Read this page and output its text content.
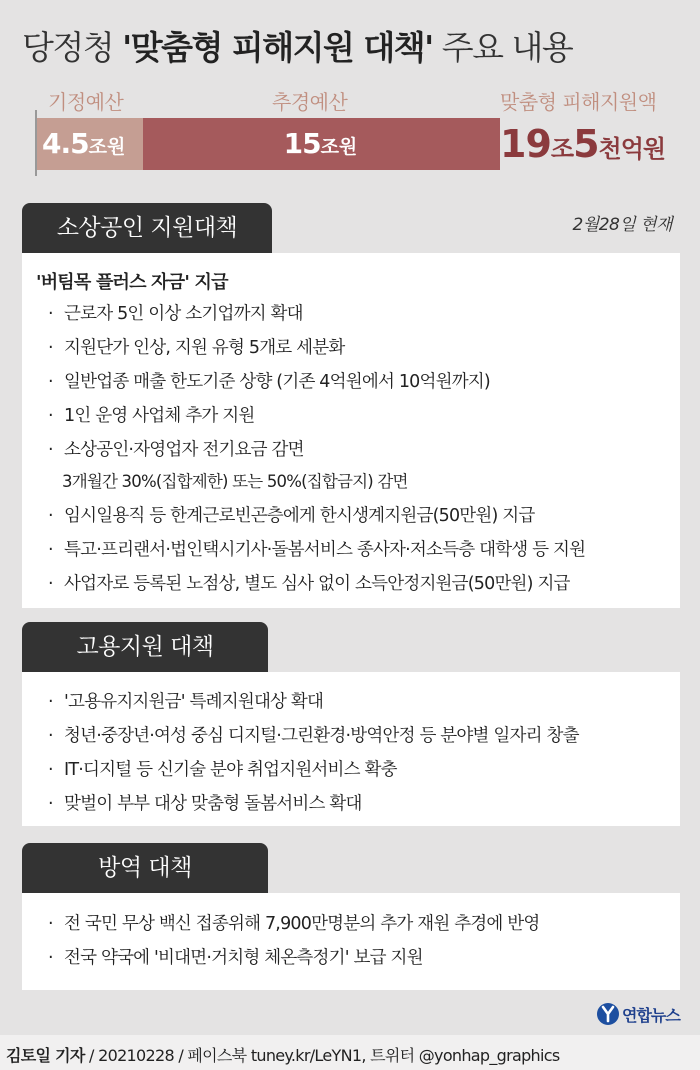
당정청 '맞춤형 피해지원 대책' 주요 내용
기정예산	추경예산	맞춤형 피해지원액
4.5조원	15조원	19조5천억원
소상공인 지원대책	2월28일 현재
'버팀목 플러스 자금' 지급
· 근로자 5인 이상 소기업까지 확대
· 지원단가 인상, 지원 유형 5개로 세분화
· 일반업종 매출 한도기준 상향 (기존 4억원에서 10억원까지)
· 1인 운영 사업체 추가 지원
· 소상공인·자영업자 전기요금 감면
3개월간 30%(집합제한) 또는 50%(집합금지) 감면
· 임시일용직 등 한계근로빈곤층에게 한시생계지원금(50만원) 지급
· 특고·프리랜서·법인택시기사·돌봄서비스 종사자·저소득층 대학생 등 지원
· 사업자로 등록된 노점상, 별도 심사 없이 소득안정지원금(50만원) 지급
고용지원 대책
· '고용유지지원금' 특례지원대상 확대
· 청년·중장년·여성 중심 디지털·그린환경·방역안정 등 분야별 일자리 창출
· IT·디지털 등 신기술 분야 취업지원서비스 확충
· 맞벌이 부부 대상 맞춤형 돌봄서비스 확대
방역 대책
· 전 국민 무상 백신 접종위해 7,900만명분의 추가 재원 추경에 반영
· 전국 약국에 '비대면·거치형 체온측정기' 보급 지원
연합뉴스
김토일 기자 / 20210228 / 페이스북 tuney.kr/LeYN1, 트위터 @yonhap_graphics
